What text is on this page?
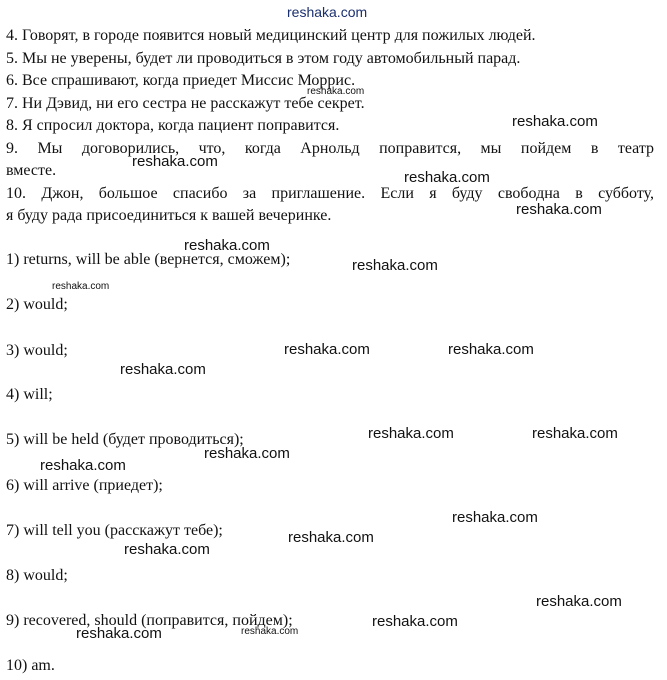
4. Говорят, в городе появится новый медицинский центр для пожилых людей.
5. Мы не уверены, будет ли проводиться в этом году автомобильный парад.
6. Все спрашивают, когда приедет Миссис Моррис.
7. Ни Дэвид, ни его сестра не расскажут тебе секрет.
8. Я спросил доктора, когда пациент поправится.
9. Мы договорились, что, когда Арнольд поправится, мы пойдем в театр
вместе.
10. Джон, большое спасибо за приглашение. Если я буду свободна в субботу,
я буду рада присоединиться к вашей вечеринке.
1) returns, will be able (вернется, сможем);
2) would;
3) would;
4) will;
5) will be held (будет проводиться);
6) will arrive (приедет);
7) will tell you (расскажут тебе);
8) would;
9) recovered, should (поправится, пойдем);
10) am.
reshaka.com
reshaka.com
reshaka.com
reshaka.com
reshaka.com
reshaka.com
reshaka.com
reshaka.com
reshaka.com
reshaka.com	reshaka.com
reshaka.com
reshaka.com	reshaka.com
reshaka.com
reshaka.com
reshaka.com
reshaka.com
reshaka.com
reshaka.com
reshaka.com
reshaka.com
reshaka.com
